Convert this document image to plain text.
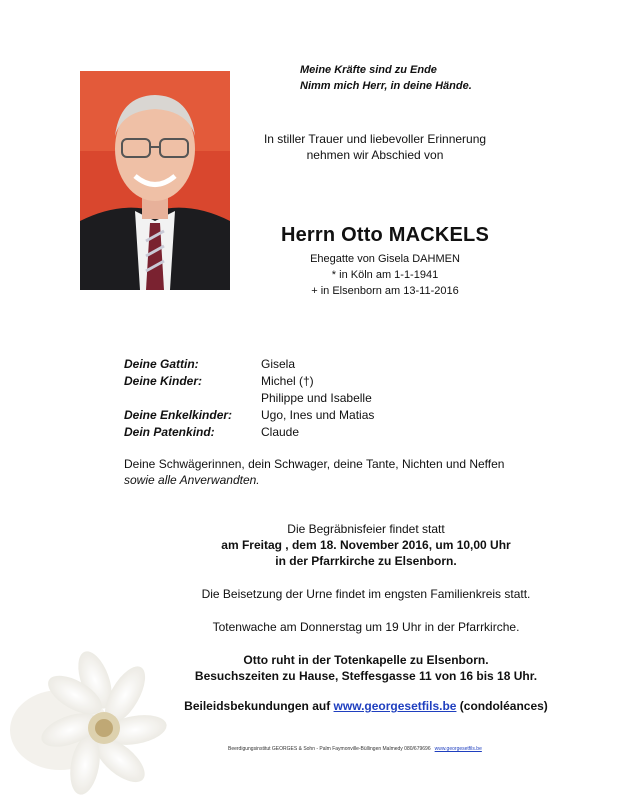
Meine Kräfte sind zu Ende
Nimm mich Herr, in deine Hände.
In stiller Trauer und liebevoller Erinnerung
nehmen wir Abschied von
Herrn Otto MACKELS
Ehegatte von Gisela DAHMEN
* in Köln am 1-1-1941
+ in Elsenborn am 13-11-2016
Deine Gattin:	Gisela
Deine Kinder:	Michel (†)
Philippe und Isabelle
Deine Enkelkinder:	Ugo, Ines und Matias
Dein Patenkind:	Claude
Deine Schwägerinnen, dein Schwager, deine Tante, Nichten und Neffen
sowie alle Anverwandten.
Die Begräbnisfeier findet statt
am Freitag , dem 18. November 2016, um 10,00 Uhr
in der Pfarrkirche zu Elsenborn.
Die Beisetzung der Urne findet im engsten Familienkreis statt.
Totenwache am Donnerstag um 19 Uhr in der Pfarrkirche.
Otto ruht in der Totenkapelle zu Elsenborn.
Besuchszeiten zu Hause, Steffesgasse 11 von 16 bis 18 Uhr.
Beileidsbekundungen auf www.georgesetfils.be (condoléances)
Beerdigungsinstitut GEORGES & Sohn - Palm Faymonville-Büllingen Malmedy 080/679696 www.georgesetfils.be
